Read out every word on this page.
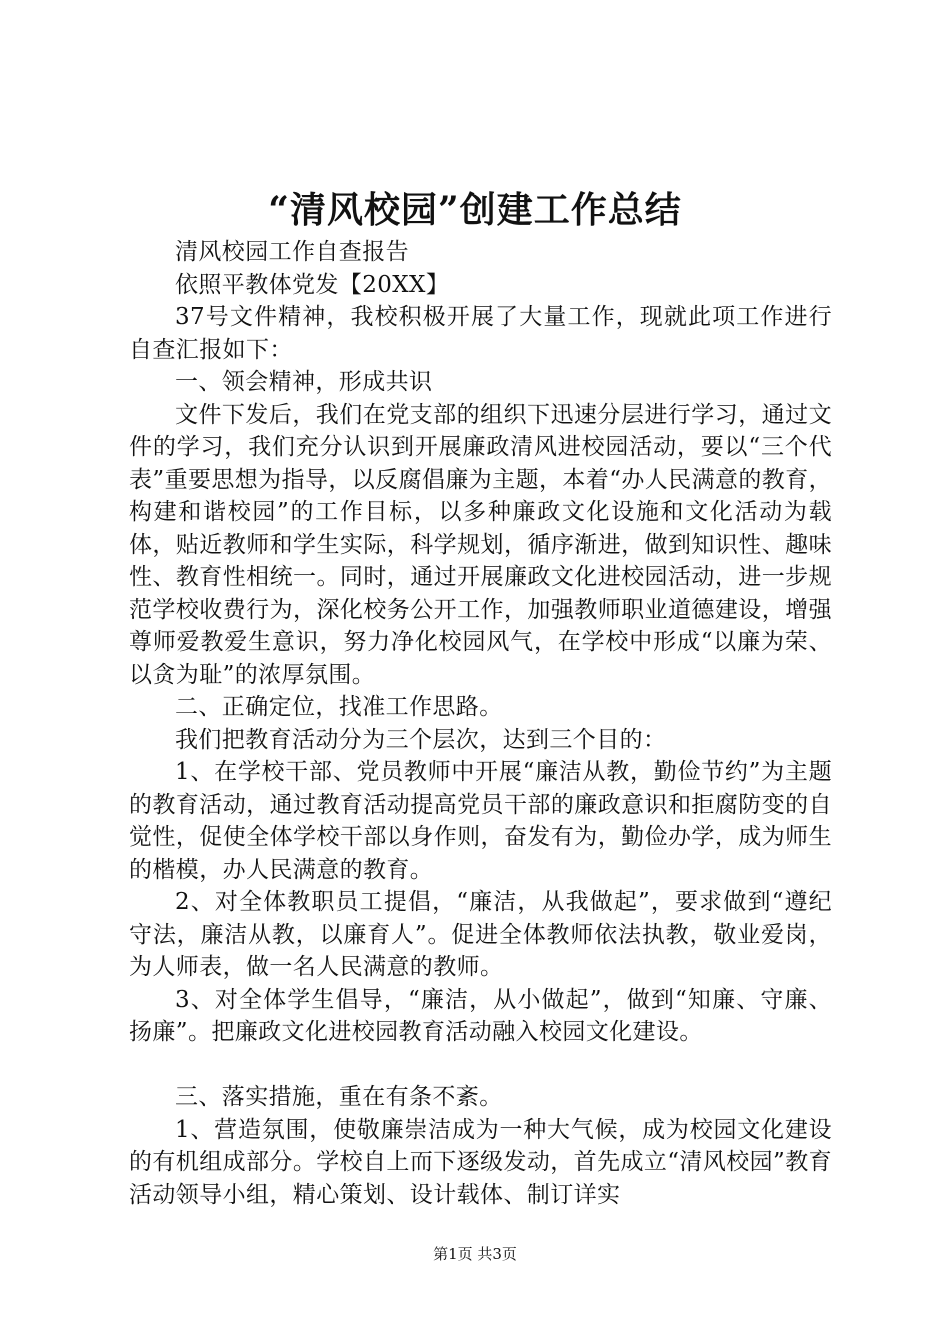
“清风校园”创建工作总结

清风校园工作自查报告

依照平教体党发【20XX】

37号文件精神，我校积极开展了大量工作，现就此项工作进行自查汇报如下：

一、领会精神，形成共识

文件下发后，我们在党支部的组织下迅速分层进行学习，通过文件的学习，我们充分认识到开展廉政清风进校园活动，要以“三个代表”重要思想为指导，以反腐倡廉为主题，本着“办人民满意的教育，构建和谐校园”的工作目标，以多种廉政文化设施和文化活动为载体，贴近教师和学生实际，科学规划，循序渐进，做到知识性、趣味性、教育性相统一。同时，通过开展廉政文化进校园活动，进一步规范学校收费行为，深化校务公开工作，加强教师职业道德建设，增强尊师爱教爱生意识，努力净化校园风气，在学校中形成“以廉为荣、以贪为耻”的浓厚氛围。

二、正确定位，找准工作思路。

我们把教育活动分为三个层次，达到三个目的：

1、在学校干部、党员教师中开展“廉洁从教，勤俭节约”为主题的教育活动，通过教育活动提高党员干部的廉政意识和拒腐防变的自觉性，促使全体学校干部以身作则，奋发有为，勤俭办学，成为师生的楷模，办人民满意的教育。

2、对全体教职员工提倡，“廉洁，从我做起”，要求做到“遵纪守法，廉洁从教，以廉育人”。促进全体教师依法执教，敬业爱岗，为人师表，做一名人民满意的教师。

3、对全体学生倡导，“廉洁，从小做起”，做到“知廉、守廉、扬廉”。把廉政文化进校园教育活动融入校园文化建设。

三、落实措施，重在有条不紊。

1、营造氛围，使敬廉崇洁成为一种大气候，成为校园文化建设的有机组成部分。学校自上而下逐级发动，首先成立“清风校园”教育活动领导小组，精心策划、设计载体、制订详实

第1页 共3页
